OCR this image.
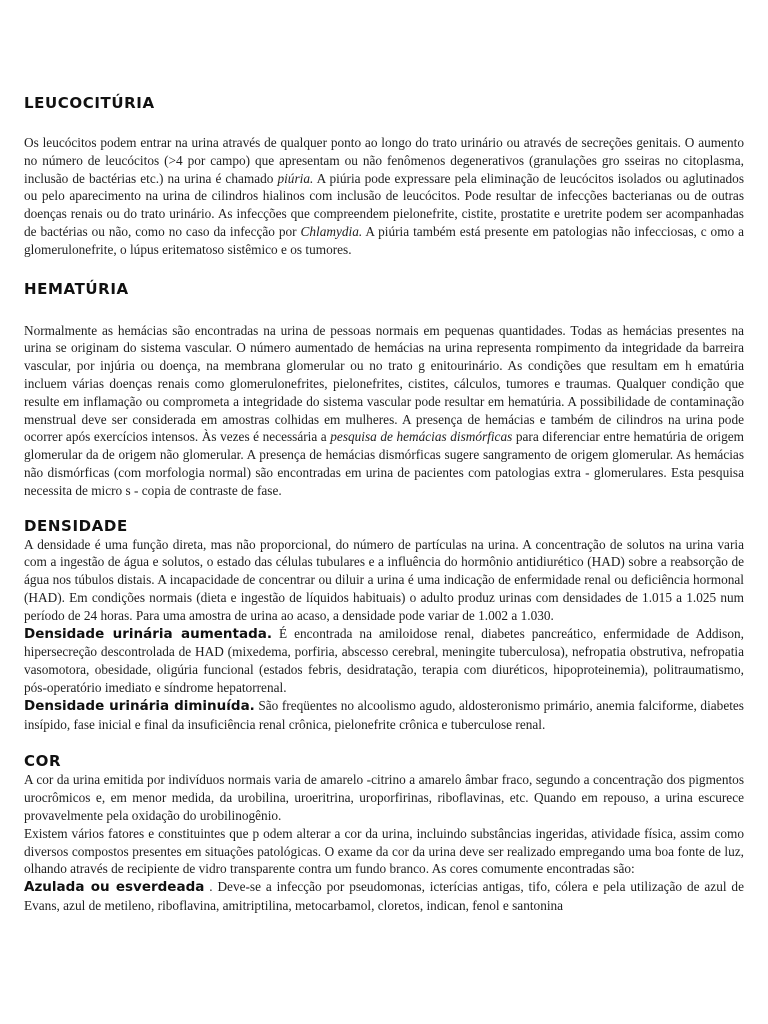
LEUCOCITÚRIA

Os leucócitos podem entrar na urina através de qualquer ponto ao longo do trato urinário ou através de secreções genitais. O aumento no número de leucócitos (>4 por campo) que apresentam ou não fenômenos degenerativos (granulações gro sseiras no citoplasma, inclusão de bactérias etc.) na urina é chamado piúria. A piúria pode expressare pela eliminação de leucócitos isolados ou aglutinados ou pelo aparecimento na urina de cilindros hialinos com inclusão de leucócitos. Pode resultar de infecções bacterianas ou de outras doenças renais ou do trato urinário. As infecções que compreendem pielonefrite, cistite, prostatite e uretrite podem ser acompanhadas de bactérias ou não, como no caso da infecção por Chlamydia. A piúria também está presente em patologias não infecciosas, c omo a glomerulonefrite, o lúpus eritematoso sistêmico e os tumores.

HEMATÚRIA

Normalmente as hemácias são encontradas na urina de pessoas normais em pequenas quantidades. Todas as hemácias presentes na urina se originam do sistema vascular. O número aumentado de hemácias na urina representa rompimento da integridade da barreira vascular, por injúria ou doença, na membrana glomerular ou no trato g enitourinário. As condições que resultam em h ematúria incluem várias doenças renais como glomerulonefrites, pielonefrites, cistites, cálculos, tumores e traumas. Qualquer condição que resulte em inflamação ou comprometa a integridade do sistema vascular pode resultar em hematúria. A possibilidade de contaminação menstrual deve ser considerada em amostras colhidas em mulheres. A presença de hemácias e também de cilindros na urina pode ocorrer após exercícios intensos. Às vezes é necessária a pesquisa de hemácias dismórficas para diferenciar entre hematúria de origem glomerular da de origem não glomerular. A presença de hemácias dismórficas sugere sangramento de origem glomerular. As hemácias não dismórficas (com morfologia normal) são encontradas em urina de pacientes com patologias extra - glomerulares. Esta pesquisa necessita de micro s - copia de contraste de fase.

DENSIDADE

A densidade é uma função direta, mas não proporcional, do número de partículas na urina. A concentração de solutos na urina varia com a ingestão de água e solutos, o estado das células tubulares e a influência do hormônio antidiurético (HAD) sobre a reabsorção de água nos túbulos distais. A incapacidade de concentrar ou diluir a urina é uma indicação de enfermidade renal ou deficiência hormonal (HAD). Em condições normais (dieta e ingestão de líquidos habituais) o adulto produz urinas com densidades de 1.015 a 1.025 num período de 24 horas. Para uma amostra de urina ao acaso, a densidade pode variar de 1.002 a 1.030.

Densidade urinária aumentada. É encontrada na amiloidose renal, diabetes pancreático, enfermidade de Addison, hipersecreção descontrolada de HAD (mixedema, porfiria, abscesso cerebral, meningite tuberculosa), nefropatia obstrutiva, nefropatia vasomotora, obesidade, oligúria funcional (estados febris, desidratação, terapia com diuréticos, hipoproteinemia), politraumatismo, pós-operatório imediato e síndrome hepatorrenal.

Densidade urinária diminuída. São freqüentes no alcoolismo agudo, aldosteronismo primário, anemia falciforme, diabetes insípido, fase inicial e final da insuficiência renal crônica, pielonefrite crônica e tuberculose renal.

COR

A cor da urina emitida por indivíduos normais varia de amarelo -citrino a amarelo âmbar fraco, segundo a concentração dos pigmentos urocrômicos e, em menor medida, da urobilina, uroeritrina, uroporfirinas, riboflavinas, etc. Quando em repouso, a urina escurece provavelmente pela oxidação do urobilinogênio.

Existem vários fatores e constituintes que p odem alterar a cor da urina, incluindo substâncias ingeridas, atividade física, assim como diversos compostos presentes em situações patológicas. O exame da cor da urina deve ser realizado empregando uma boa fonte de luz, olhando através de recipiente de vidro transparente contra um fundo branco. As cores comumente encontradas são:

Azulada ou esverdeada . Deve-se a infecção por pseudomonas, icterícias antigas, tifo, cólera e pela utilização de azul de Evans, azul de metileno, riboflavina, amitriptilina, metocarbamol, cloretos, indican, fenol e santonina
